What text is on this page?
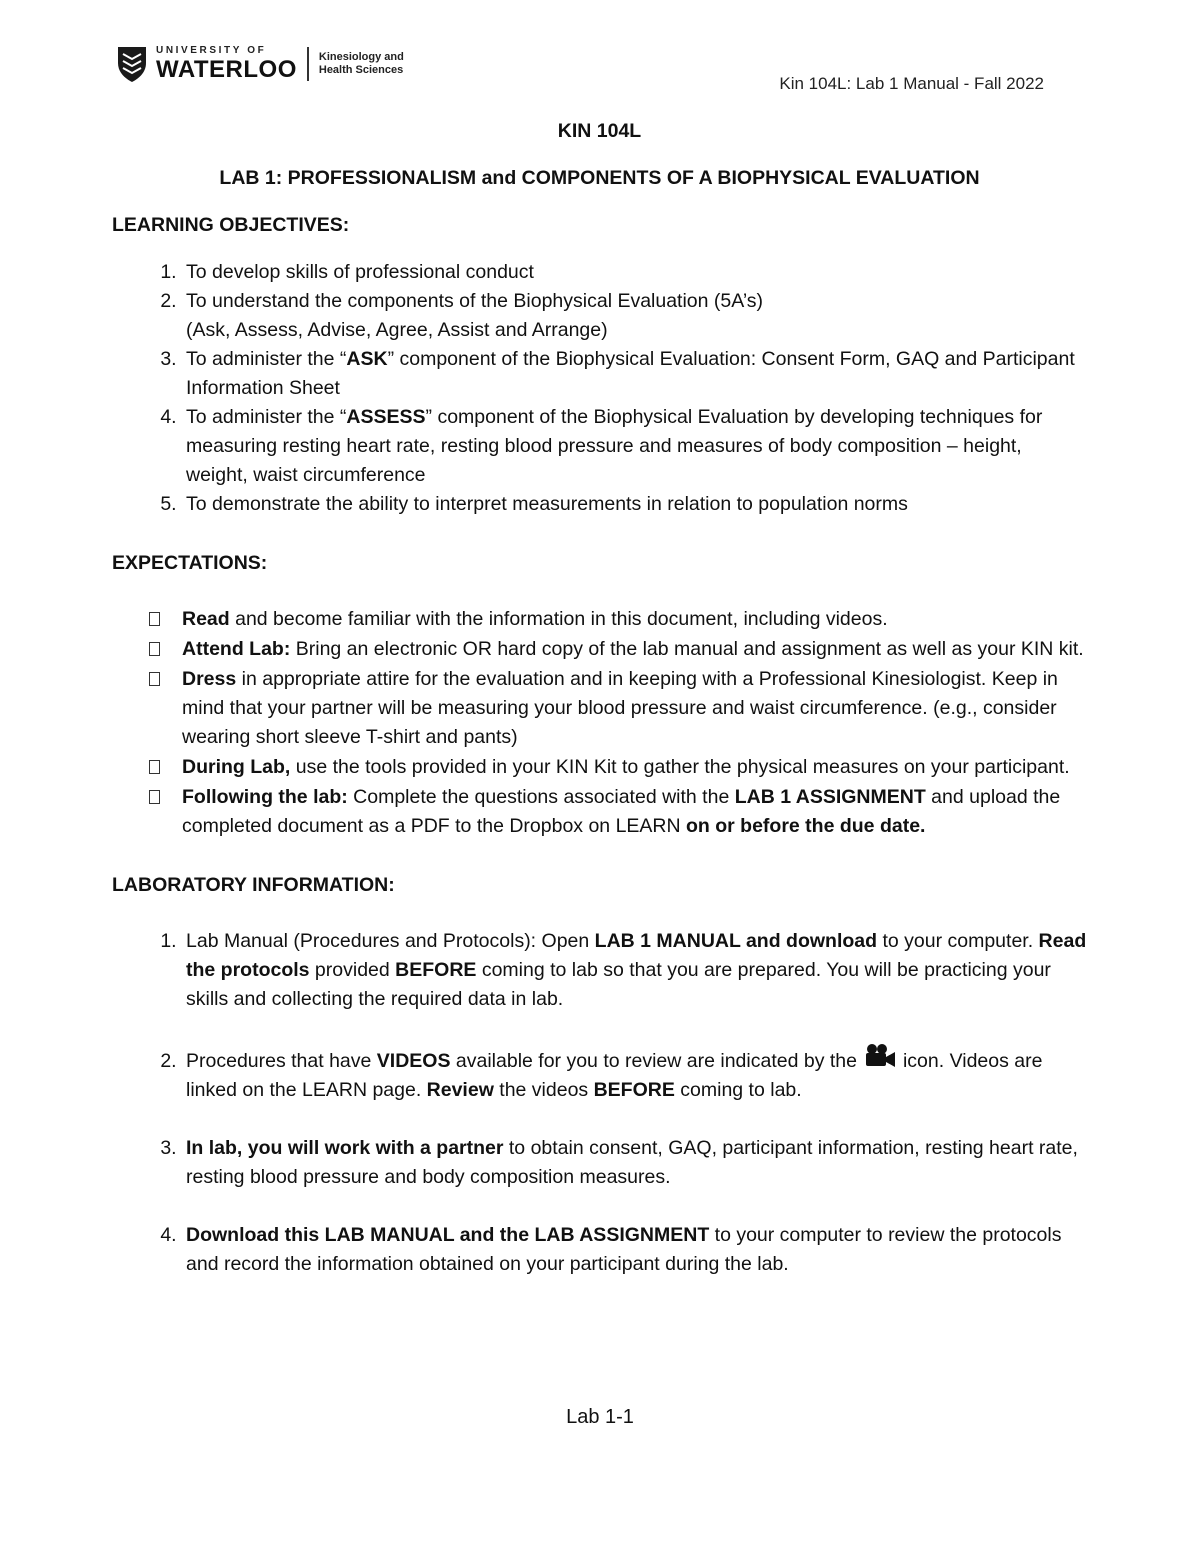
UNIVERSITY OF
WATERLOO Kinesiology and
Health Sciences
Kin 104L: Lab 1 Manual - Fall 2022

KIN 104L

LAB 1: PROFESSIONALISM and COMPONENTS OF A BIOPHYSICAL EVALUATION

LEARNING OBJECTIVES:

1. To develop skills of professional conduct
2. To understand the components of the Biophysical Evaluation (5A’s)
(Ask, Assess, Advise, Agree, Assist and Arrange)
3. To administer the “ASK” component of the Biophysical Evaluation: Consent Form, GAQ and Participant Information Sheet
4. To administer the “ASSESS” component of the Biophysical Evaluation by developing techniques for measuring resting heart rate, resting blood pressure and measures of body composition – height, weight, waist circumference
5. To demonstrate the ability to interpret measurements in relation to population norms

EXPECTATIONS:

Read and become familiar with the information in this document, including videos.
Attend Lab: Bring an electronic OR hard copy of the lab manual and assignment as well as your KIN kit.
Dress in appropriate attire for the evaluation and in keeping with a Professional Kinesiologist. Keep in mind that your partner will be measuring your blood pressure and waist circumference. (e.g., consider wearing short sleeve T-shirt and pants)
During Lab, use the tools provided in your KIN Kit to gather the physical measures on your participant.
Following the lab: Complete the questions associated with the LAB 1 ASSIGNMENT and upload the completed document as a PDF to the Dropbox on LEARN on or before the due date.

LABORATORY INFORMATION:

1. Lab Manual (Procedures and Protocols): Open LAB 1 MANUAL and download to your computer. Read the protocols provided BEFORE coming to lab so that you are prepared. You will be practicing your skills and collecting the required data in lab.
2. Procedures that have VIDEOS available for you to review are indicated by the icon. Videos are linked on the LEARN page. Review the videos BEFORE coming to lab.
3. In lab, you will work with a partner to obtain consent, GAQ, participant information, resting heart rate, resting blood pressure and body composition measures.
4. Download this LAB MANUAL and the LAB ASSIGNMENT to your computer to review the protocols and record the information obtained on your participant during the lab.
Lab 1-1
